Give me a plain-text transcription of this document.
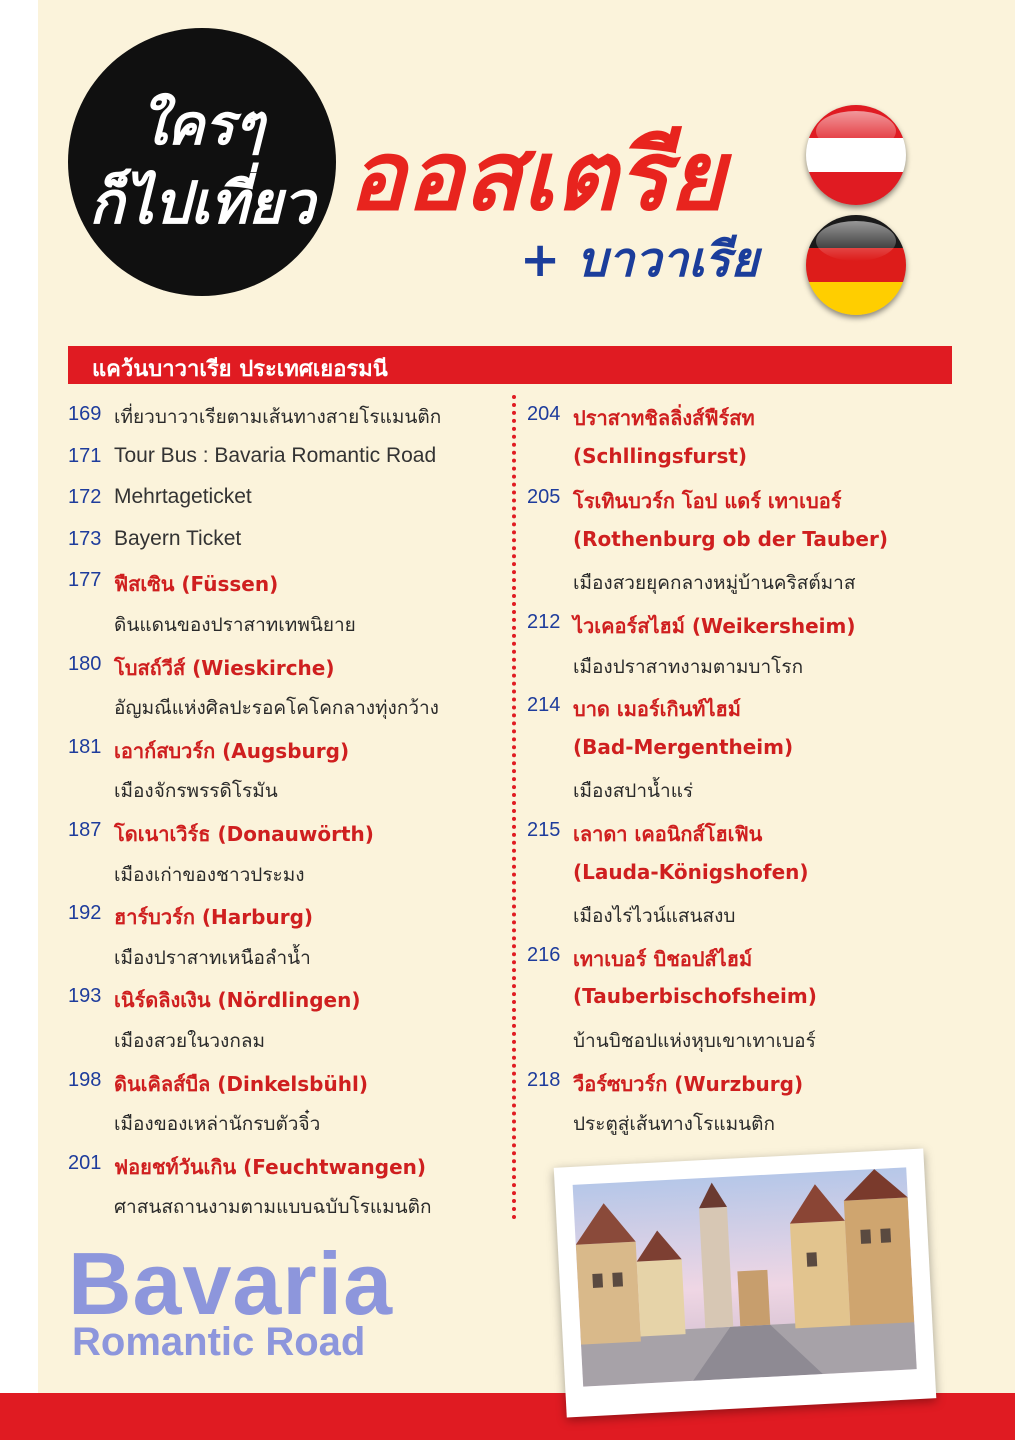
ใครๆ
ก็ไปเที่ยว ออสเตรีย
+ บาวาเรีย
แคว้นบาวาเรีย ประเทศเยอรมนี
169 เที่ยวบาวาเรียตามเส้นทางสายโรแมนติก
171 Tour Bus : Bavaria Romantic Road
172 Mehrtageticket
173 Bayern Ticket
177 ฟืสเซิน (Füssen)
ดินแดนของปราสาทเทพนิยาย
180 โบสถ์วีส์ (Wieskirche)
อัญมณีแห่งศิลปะรอคโคโคกลางทุ่งกว้าง
181 เอาก์สบวร์ก (Augsburg)
เมืองจักรพรรดิโรมัน
187 โดเนาเวิร์ธ (Donauwörth)
เมืองเก่าของชาวประมง
192 ฮาร์บวร์ก (Harburg)
เมืองปราสาทเหนือลำน้ำ
193 เนิร์ดลิงเงิน (Nördlingen)
เมืองสวยในวงกลม
198 ดินเคิลส์บืล (Dinkelsbühl)
เมืองของเหล่านักรบตัวจิ๋ว
201 ฟอยชท์วันเกิน (Feuchtwangen)
ศาสนสถานงามตามแบบฉบับโรแมนติก
204 ปราสาทชิลลิ่งส์ฟืร์สท
(Schllingsfurst)
205 โรเทินบวร์ก โอป แดร์ เทาเบอร์
(Rothenburg ob der Tauber)
เมืองสวยยุคกลางหมู่บ้านคริสต์มาส
212 ไวเคอร์สไฮม์ (Weikersheim)
เมืองปราสาทงามตามบาโรก
214 บาด เมอร์เกินท์ไฮม์
(Bad-Mergentheim)
เมืองสปาน้ำแร่
215 เลาดา เคอนิกส์โฮเฟิน
(Lauda-Königshofen)
เมืองไร่ไวน์แสนสงบ
216 เทาเบอร์ บิชอปส์ไฮม์
(Tauberbischofsheim)
บ้านบิชอปแห่งหุบเขาเทาเบอร์
218 วือร์ซบวร์ก (Wurzburg)
ประตูสู่เส้นทางโรแมนติก
Bavaria
Romantic Road
